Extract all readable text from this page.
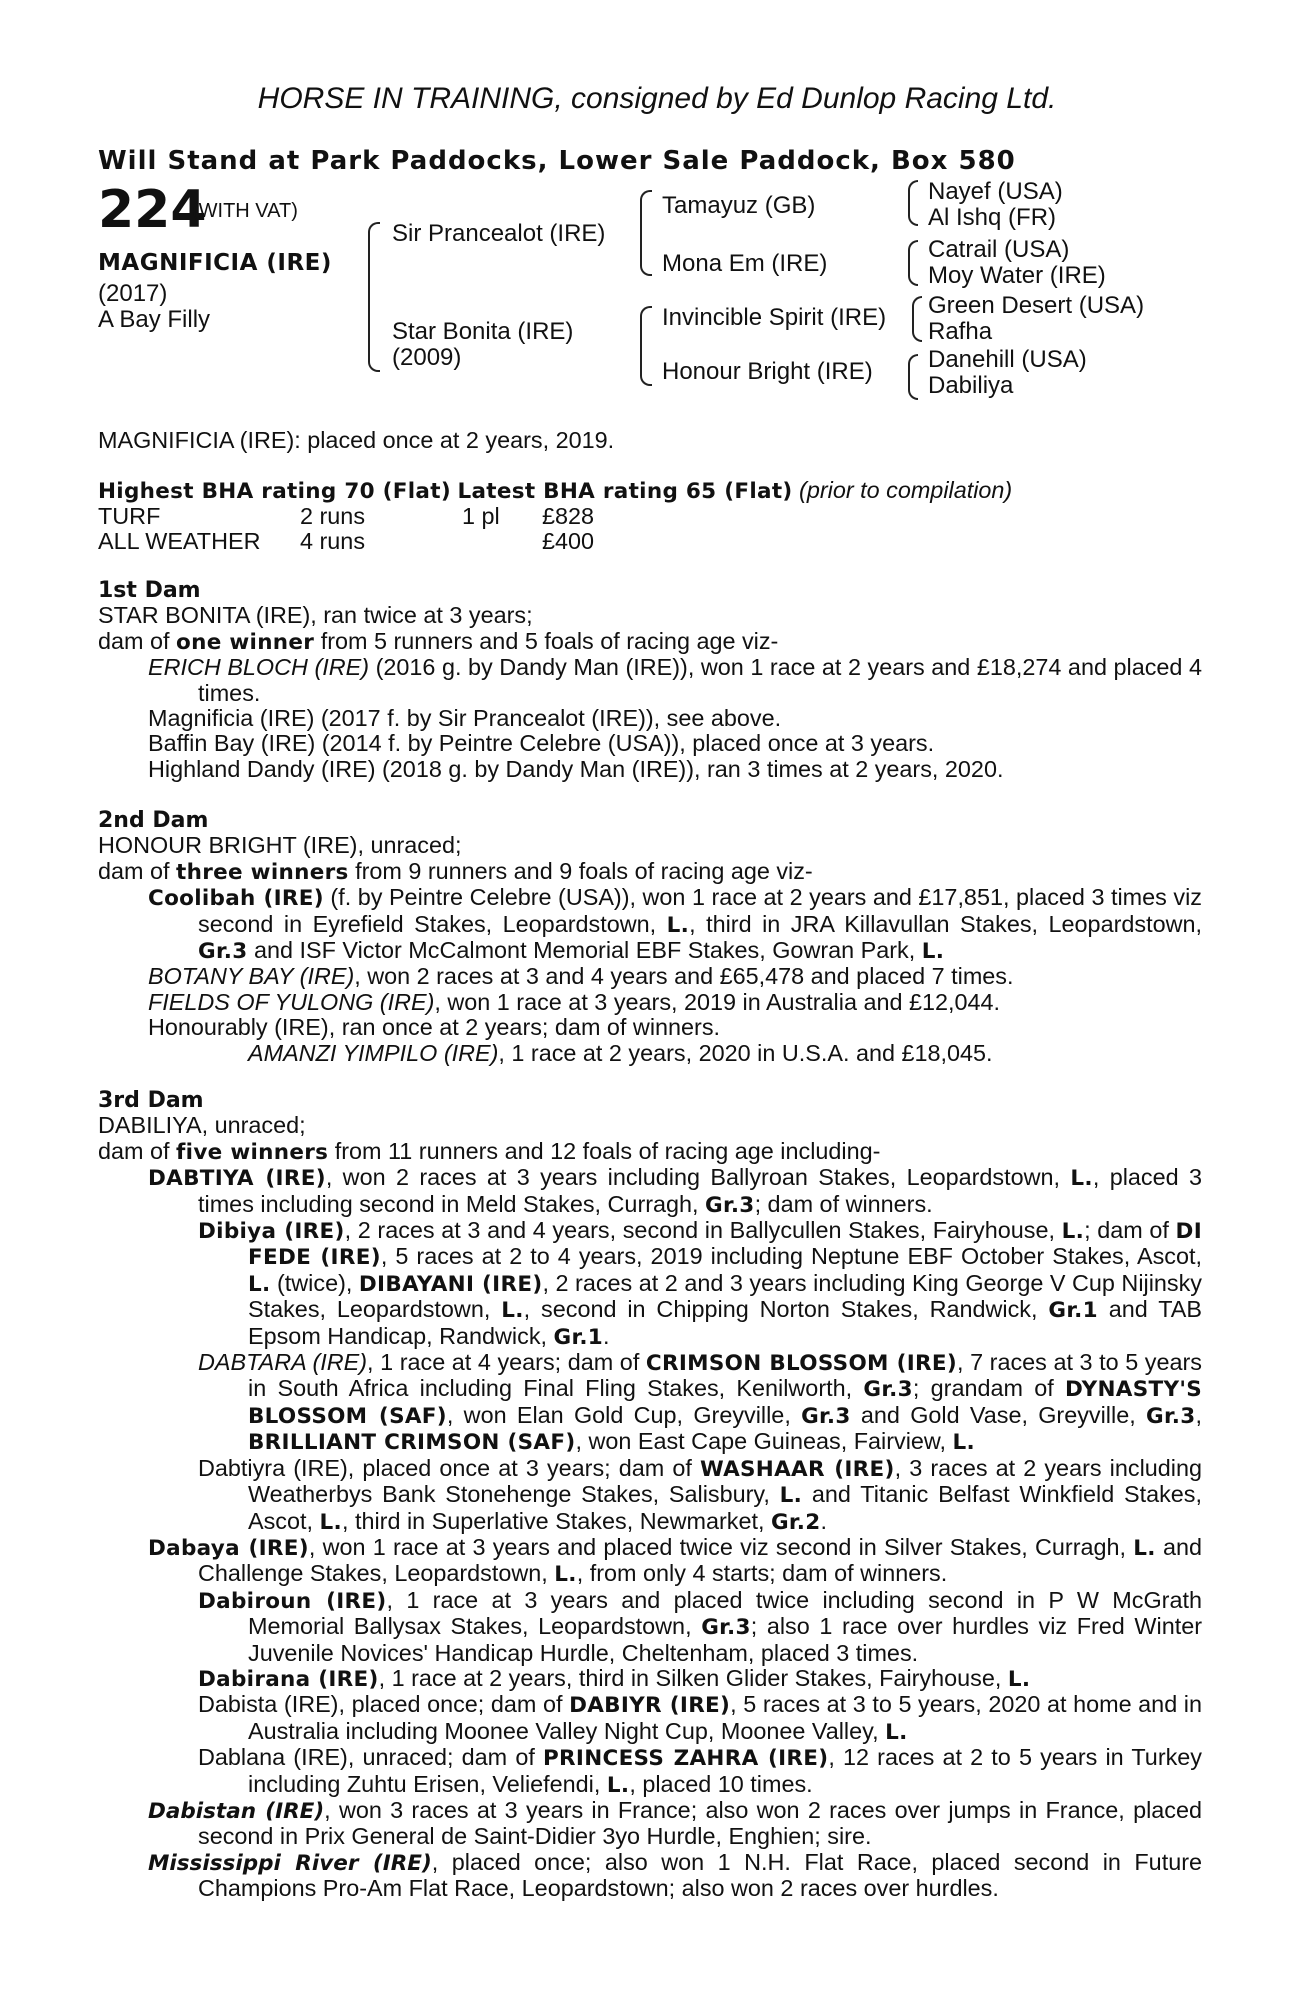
HORSE IN TRAINING, consigned by Ed Dunlop Racing Ltd.
Will Stand at Park Paddocks, Lower Sale Paddock, Box 580
224
(WITH VAT)
MAGNIFICIA (IRE)
(2017)
A Bay Filly
Sir Prancealot (IRE)
Star Bonita (IRE)
(2009)
Tamayuz (GB)
Mona Em (IRE)
Invincible Spirit (IRE)
Honour Bright (IRE)
Nayef (USA)
Al Ishq (FR)
Catrail (USA)
Moy Water (IRE)
Green Desert (USA)
Rafha
Danehill (USA)
Dabiliya

MAGNIFICIA (IRE): placed once at 2 years, 2019.

Highest BHA rating 70 (Flat) Latest BHA rating 65 (Flat) (prior to compilation)

TURF	2 runs	1 pl	£828
ALL WEATHER	4 runs		£400

1st Dam

STAR BONITA (IRE), ran twice at 3 years;

dam of one winner from 5 runners and 5 foals of racing age viz-

ERICH BLOCH (IRE) (2016 g. by Dandy Man (IRE)), won 1 race at 2 years and £18,274 and placed 4 times.

Magnificia (IRE) (2017 f. by Sir Prancealot (IRE)), see above.

Baffin Bay (IRE) (2014 f. by Peintre Celebre (USA)), placed once at 3 years.

Highland Dandy (IRE) (2018 g. by Dandy Man (IRE)), ran 3 times at 2 years, 2020.

2nd Dam

HONOUR BRIGHT (IRE), unraced;

dam of three winners from 9 runners and 9 foals of racing age viz-

Coolibah (IRE) (f. by Peintre Celebre (USA)), won 1 race at 2 years and £17,851, placed 3 times viz second in Eyrefield Stakes, Leopardstown, L., third in JRA Killavullan Stakes, Leopardstown, Gr.3 and ISF Victor McCalmont Memorial EBF Stakes, Gowran Park, L.

BOTANY BAY (IRE), won 2 races at 3 and 4 years and £65,478 and placed 7 times.

FIELDS OF YULONG (IRE), won 1 race at 3 years, 2019 in Australia and £12,044.

Honourably (IRE), ran once at 2 years; dam of winners.

AMANZI YIMPILO (IRE), 1 race at 2 years, 2020 in U.S.A. and £18,045.

3rd Dam

DABILIYA, unraced;

dam of five winners from 11 runners and 12 foals of racing age including-

DABTIYA (IRE), won 2 races at 3 years including Ballyroan Stakes, Leopardstown, L., placed 3 times including second in Meld Stakes, Curragh, Gr.3; dam of winners.

Dibiya (IRE), 2 races at 3 and 4 years, second in Ballycullen Stakes, Fairyhouse, L.; dam of DI FEDE (IRE), 5 races at 2 to 4 years, 2019 including Neptune EBF October Stakes, Ascot, L. (twice), DIBAYANI (IRE), 2 races at 2 and 3 years including King George V Cup Nijinsky Stakes, Leopardstown, L., second in Chipping Norton Stakes, Randwick, Gr.1 and TAB Epsom Handicap, Randwick, Gr.1.

DABTARA (IRE), 1 race at 4 years; dam of CRIMSON BLOSSOM (IRE), 7 races at 3 to 5 years in South Africa including Final Fling Stakes, Kenilworth, Gr.3; grandam of DYNASTY'S BLOSSOM (SAF), won Elan Gold Cup, Greyville, Gr.3 and Gold Vase, Greyville, Gr.3, BRILLIANT CRIMSON (SAF), won East Cape Guineas, Fairview, L.

Dabtiyra (IRE), placed once at 3 years; dam of WASHAAR (IRE), 3 races at 2 years including Weatherbys Bank Stonehenge Stakes, Salisbury, L. and Titanic Belfast Winkfield Stakes, Ascot, L., third in Superlative Stakes, Newmarket, Gr.2.

Dabaya (IRE), won 1 race at 3 years and placed twice viz second in Silver Stakes, Curragh, L. and Challenge Stakes, Leopardstown, L., from only 4 starts; dam of winners.

Dabiroun (IRE), 1 race at 3 years and placed twice including second in P W McGrath Memorial Ballysax Stakes, Leopardstown, Gr.3; also 1 race over hurdles viz Fred Winter Juvenile Novices' Handicap Hurdle, Cheltenham, placed 3 times.

Dabirana (IRE), 1 race at 2 years, third in Silken Glider Stakes, Fairyhouse, L.

Dabista (IRE), placed once; dam of DABIYR (IRE), 5 races at 3 to 5 years, 2020 at home and in Australia including Moonee Valley Night Cup, Moonee Valley, L.

Dablana (IRE), unraced; dam of PRINCESS ZAHRA (IRE), 12 races at 2 to 5 years in Turkey including Zuhtu Erisen, Veliefendi, L., placed 10 times.

Dabistan (IRE), won 3 races at 3 years in France; also won 2 races over jumps in France, placed second in Prix General de Saint-Didier 3yo Hurdle, Enghien; sire.

Mississippi River (IRE), placed once; also won 1 N.H. Flat Race, placed second in Future Champions Pro-Am Flat Race, Leopardstown; also won 2 races over hurdles.
